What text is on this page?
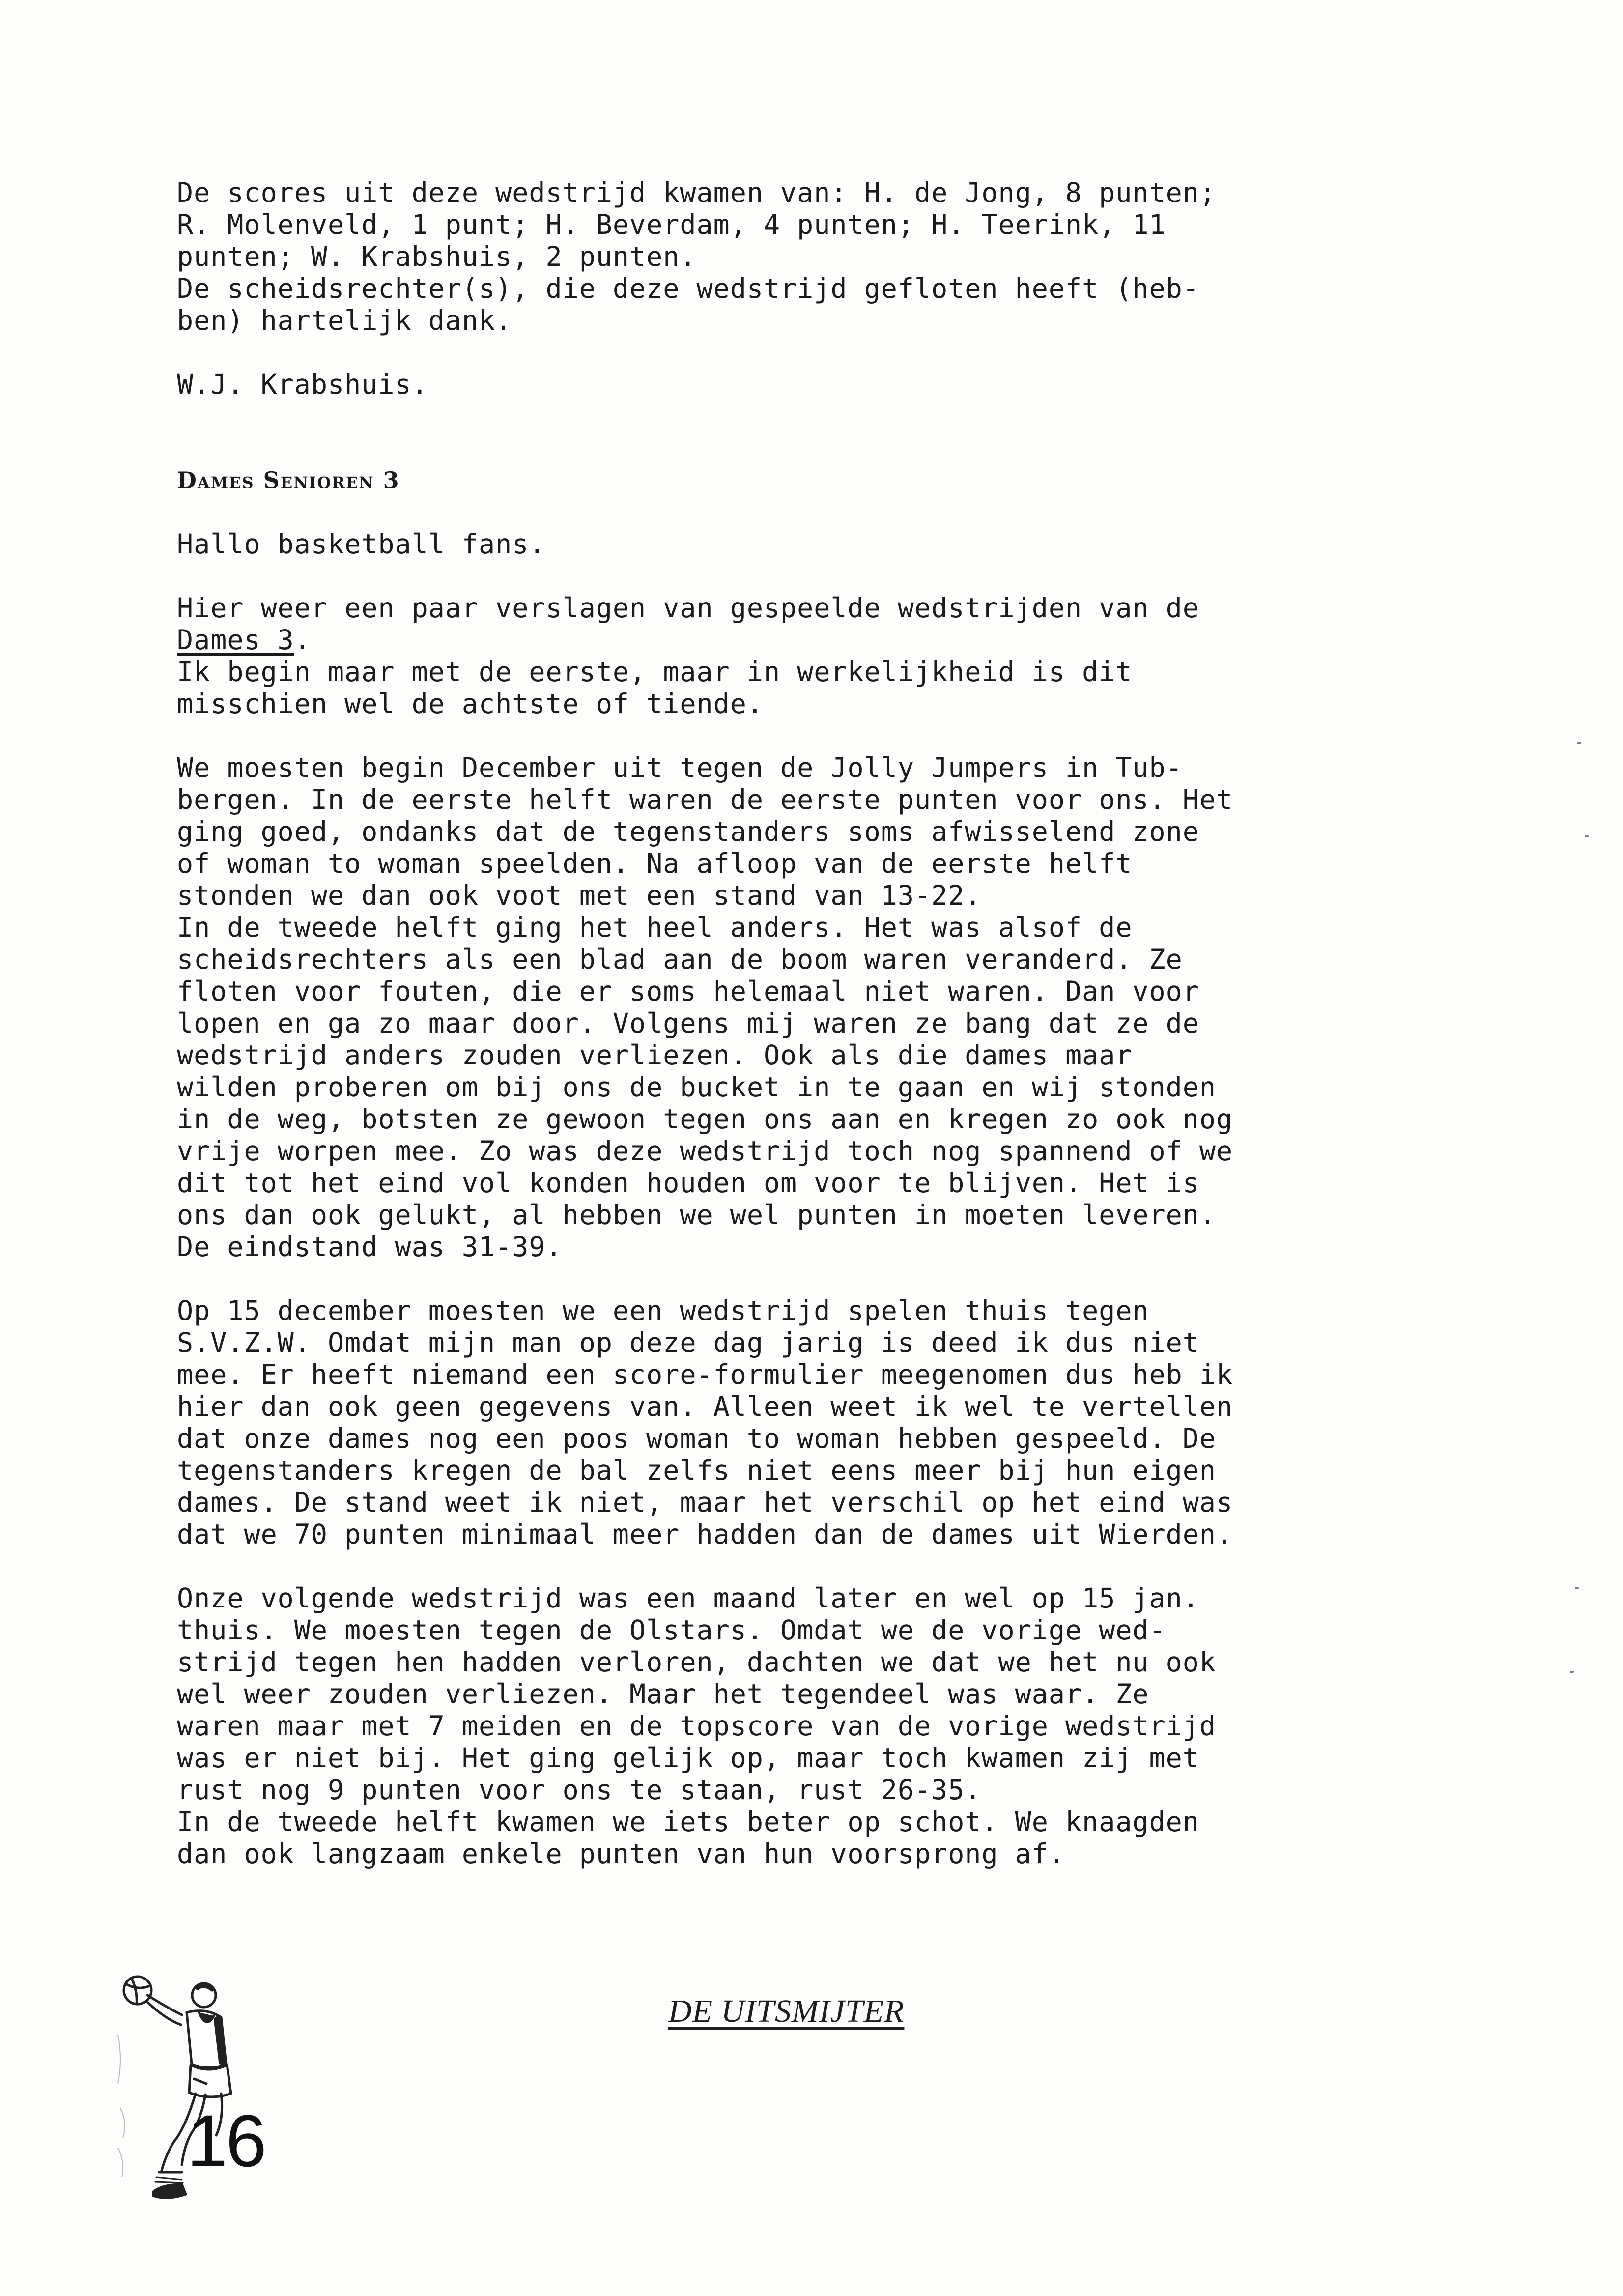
De scores uit deze wedstrijd kwamen van: H. de Jong, 8 punten;
R. Molenveld, 1 punt; H. Beverdam, 4 punten; H. Teerink, 11
punten; W. Krabshuis, 2 punten.
De scheidsrechter(s), die deze wedstrijd gefloten heeft (heb-
ben) hartelijk dank.

W.J. Krabshuis.

Dames Senioren 3

Hallo basketball fans.

Hier weer een paar verslagen van gespeelde wedstrijden van de
Dames 3.
Ik begin maar met de eerste, maar in werkelijkheid is dit
misschien wel de achtste of tiende.

We moesten begin December uit tegen de Jolly Jumpers in Tub-
bergen. In de eerste helft waren de eerste punten voor ons. Het
ging goed, ondanks dat de tegenstanders soms afwisselend zone
of woman to woman speelden. Na afloop van de eerste helft
stonden we dan ook voot met een stand van 13-22.
In de tweede helft ging het heel anders. Het was alsof de
scheidsrechters als een blad aan de boom waren veranderd. Ze
floten voor fouten, die er soms helemaal niet waren. Dan voor
lopen en ga zo maar door. Volgens mij waren ze bang dat ze de
wedstrijd anders zouden verliezen. Ook als die dames maar
wilden proberen om bij ons de bucket in te gaan en wij stonden
in de weg, botsten ze gewoon tegen ons aan en kregen zo ook nog
vrije worpen mee. Zo was deze wedstrijd toch nog spannend of we
dit tot het eind vol konden houden om voor te blijven. Het is
ons dan ook gelukt, al hebben we wel punten in moeten leveren.
De eindstand was 31-39.

Op 15 december moesten we een wedstrijd spelen thuis tegen
S.V.Z.W. Omdat mijn man op deze dag jarig is deed ik dus niet
mee. Er heeft niemand een score-formulier meegenomen dus heb ik
hier dan ook geen gegevens van. Alleen weet ik wel te vertellen
dat onze dames nog een poos woman to woman hebben gespeeld. De
tegenstanders kregen de bal zelfs niet eens meer bij hun eigen
dames. De stand weet ik niet, maar het verschil op het eind was
dat we 70 punten minimaal meer hadden dan de dames uit Wierden.

Onze volgende wedstrijd was een maand later en wel op 15 jan.
thuis. We moesten tegen de Olstars. Omdat we de vorige wed-
strijd tegen hen hadden verloren, dachten we dat we het nu ook
wel weer zouden verliezen. Maar het tegendeel was waar. Ze
waren maar met 7 meiden en de topscore van de vorige wedstrijd
was er niet bij. Het ging gelijk op, maar toch kwamen zij met
rust nog 9 punten voor ons te staan, rust 26-35.
In de tweede helft kwamen we iets beter op schot. We knaagden
dan ook langzaam enkele punten van hun voorsprong af.

16
DE UITSMIJTER
